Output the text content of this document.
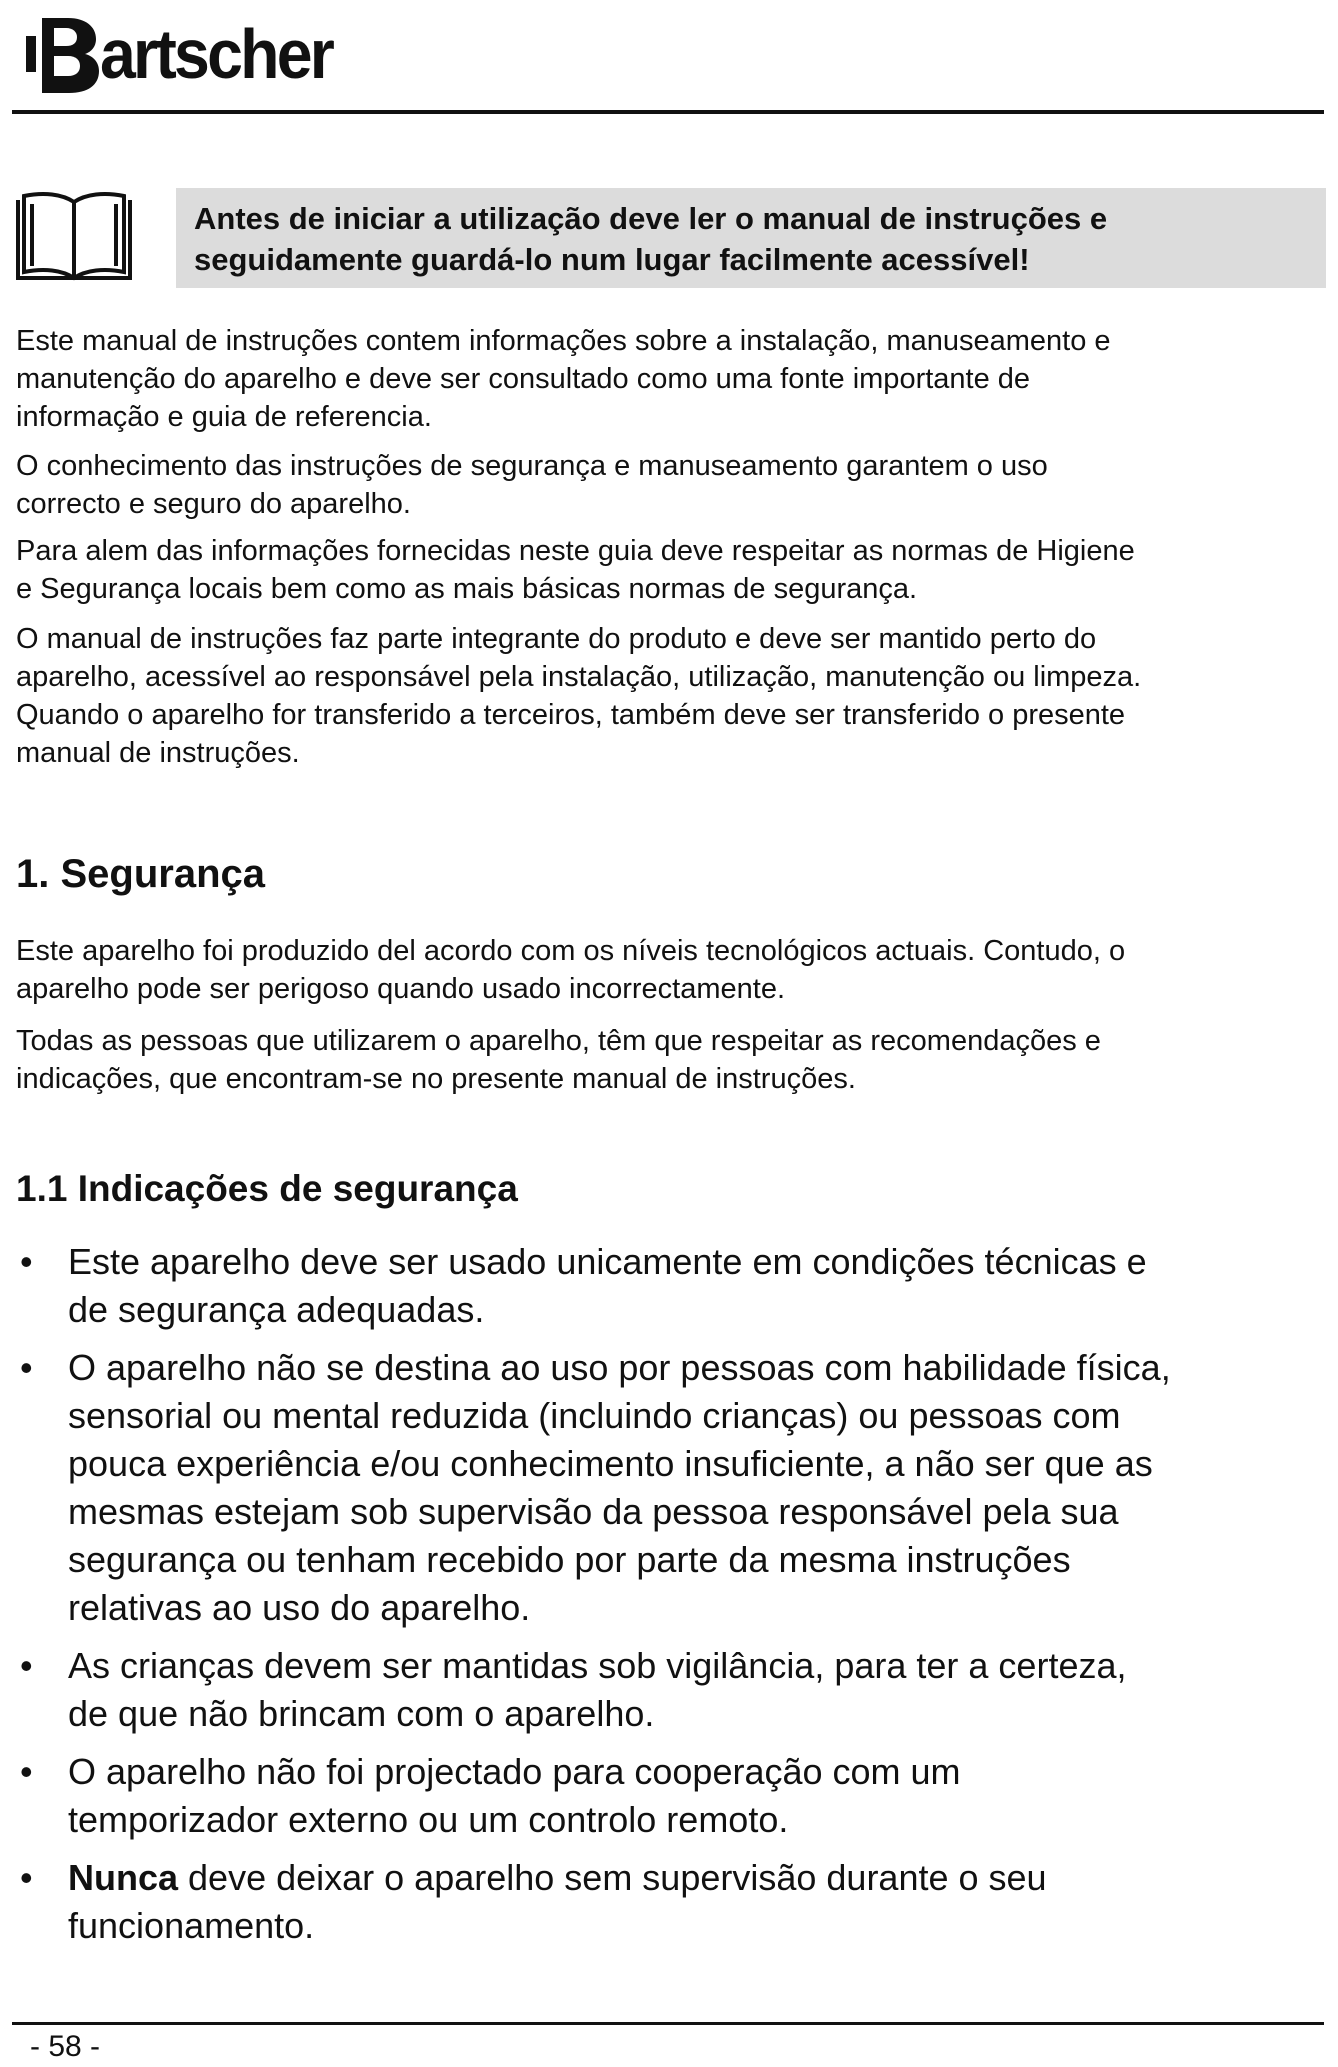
artscher
Antes de iniciar a utilização deve ler o manual de instruções e
seguidamente guardá-lo num lugar facilmente acessível!
Este manual de instruções contem informações sobre a instalação, manuseamento e
manutenção do aparelho e deve ser consultado como uma fonte importante de
informação e guia de referencia.
O conhecimento das instruções de segurança e manuseamento garantem o uso
correcto e seguro do aparelho.
Para alem das informações fornecidas neste guia deve respeitar as normas de Higiene
e Segurança locais bem como as mais básicas normas de segurança.
O manual de instruções faz parte integrante do produto e deve ser mantido perto do
aparelho, acessível ao responsável pela instalação, utilização, manutenção ou limpeza.
Quando o aparelho for transferido a terceiros, também deve ser transferido o presente
manual de instruções.
1. Segurança
Este aparelho foi produzido del acordo com os níveis tecnológicos actuais. Contudo, o
aparelho pode ser perigoso quando usado incorrectamente.
Todas as pessoas que utilizarem o aparelho, têm que respeitar as recomendações e
indicações, que encontram-se no presente manual de instruções.
1.1 Indicações de segurança
• Este aparelho deve ser usado unicamente em condições técnicas e
de segurança adequadas.
• O aparelho não se destina ao uso por pessoas com habilidade física,
sensorial ou mental reduzida (incluindo crianças) ou pessoas com
pouca experiência e/ou conhecimento insuficiente, a não ser que as
mesmas estejam sob supervisão da pessoa responsável pela sua
segurança ou tenham recebido por parte da mesma instruções
relativas ao uso do aparelho.
• As crianças devem ser mantidas sob vigilância, para ter a certeza,
de que não brincam com o aparelho.
• O aparelho não foi projectado para cooperação com um
temporizador externo ou um controlo remoto.
• Nunca deve deixar o aparelho sem supervisão durante o seu
funcionamento.
- 58 -
